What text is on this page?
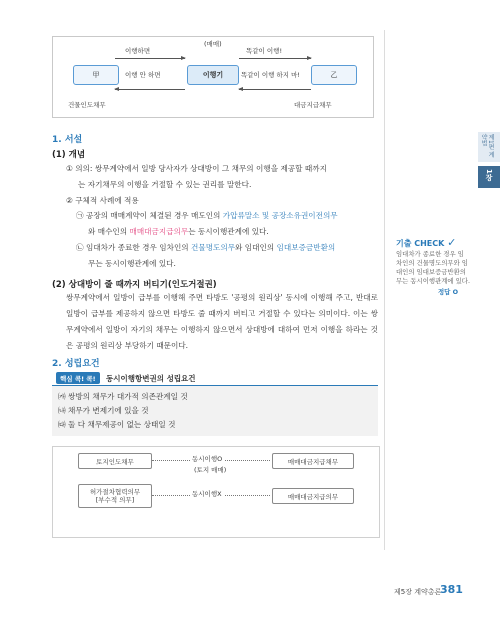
(매매)
이행하면	똑같이 이행!
甲	이행기	乙
이행 안 하면	똑같이 이행 하지 마!
건물인도채무	대금지급채무
1. 서설
(1) 개념
① 의의: 쌍무계약에서 일방 당사자가 상대방이 그 채무의 이행을 제공할 때까지
는 자기채무의 이행을 거절할 수 있는 권리를 말한다.
② 구체적 사례에 적용
㉠ 공장의 매매계약이 체결된 경우 매도인의 가압류말소 및 공장소유권이전의무
와 매수인의 매매대금지급의무는 동시이행관계에 있다.
㉡ 임대차가 종료한 경우 임차인의 건물명도의무와 임대인의 임대보증금반환의
무는 동시이행관계에 있다.
(2) 상대방이 줄 때까지 버티기(인도거절권)
쌍무계약에서 일방이 급부를 이행해 주면 타방도 '공평의 원리상' 동시에 이행해 주고, 반대로 일방이 급부를 제공하지 않으면 타방도 줄 때까지 버티고 거절할 수 있다는 의미이다. 이는 쌍무계약에서 일방이 자기의 채무는 이행하지 않으면서 상대방에 대하여 먼저 이행을 하라는 것은 공평의 원리상 부당하기 때문이다.
2. 성립요건
핵심 콕! 콕!	동시이행항변권의 성립요건
㈎ 쌍방의 채무가 대가적 의존관계일 것
㈏ 채무가 변제기에 있을 것
㈐ 둘 다 채무제공이 없는 상태일 것
토지인도채무	동시이행O
(토지 매매)
매매대금지급채무
허가절차협력의무
[부수적 의무]
동시이행X	매매대금지급의무
제1편 계약법
1장
기출 CHECK ✓
임대차가 종료한 경우 임
차인의 건물명도의무와 임
대인의 임대보증금반환의
무는 동시이행관계에 있다.
정답 O
제5장 계약총론
381
